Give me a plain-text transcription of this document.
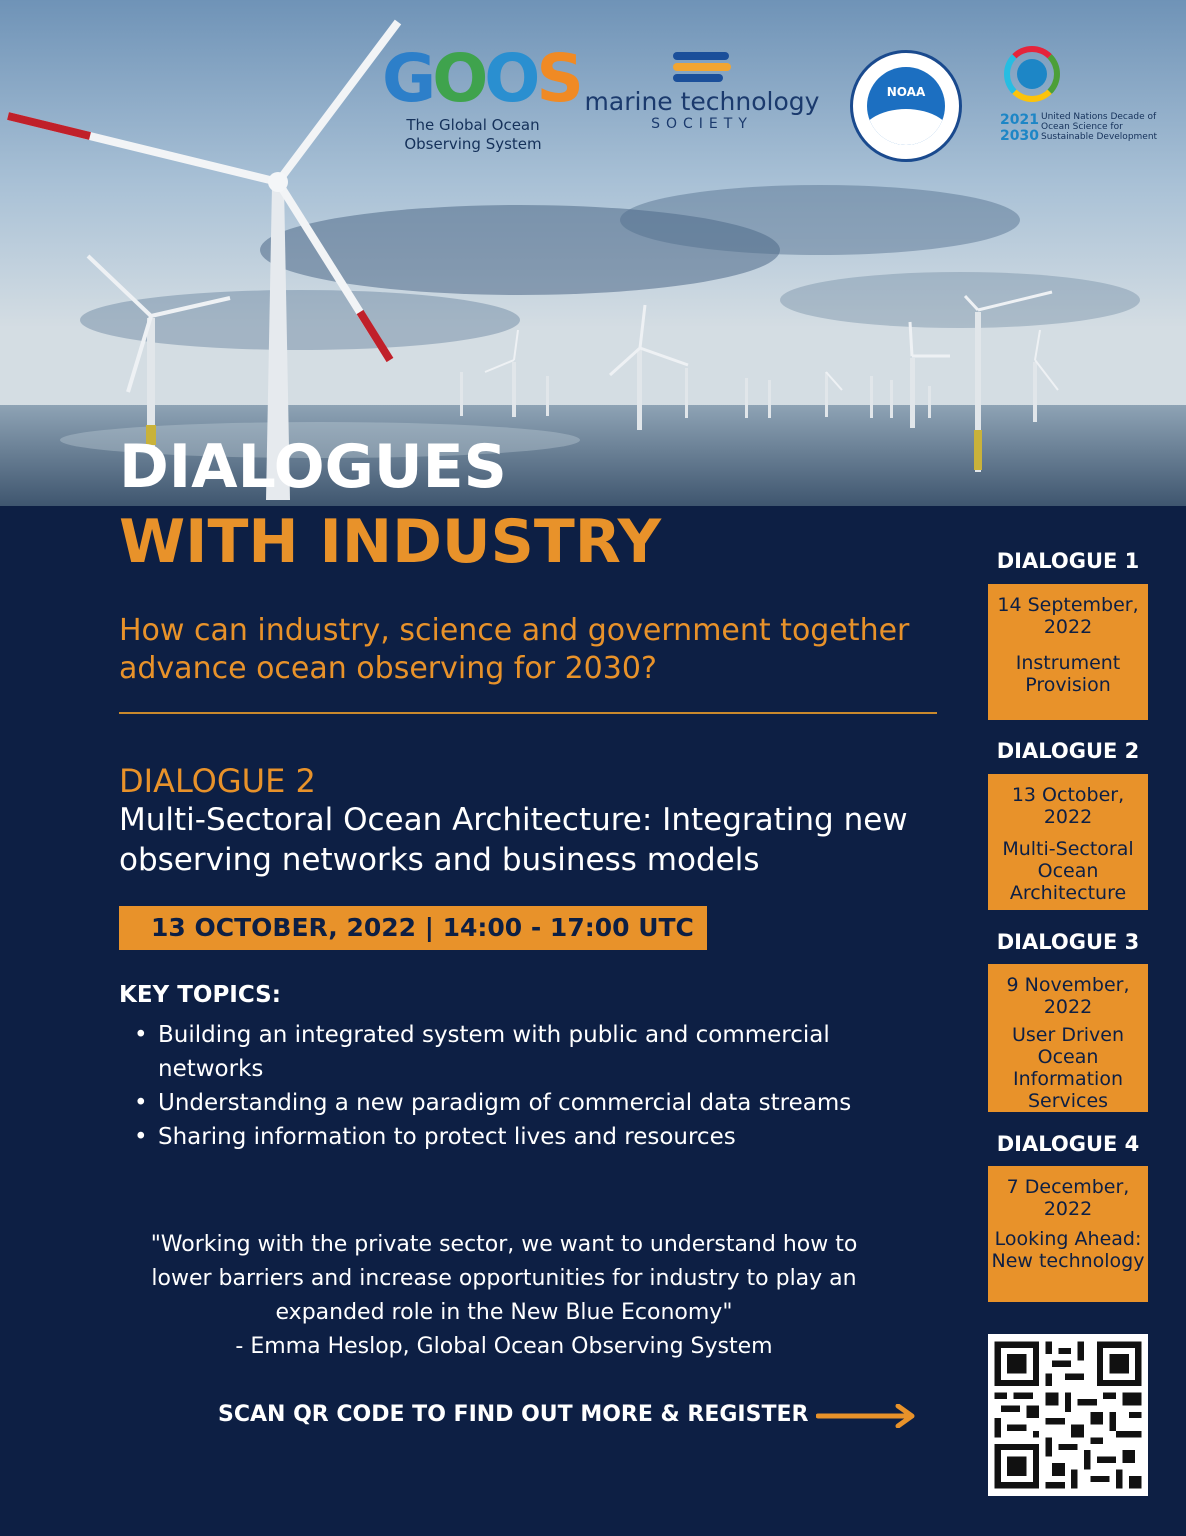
GOOS
The Global Ocean Observing System
marine technology
SOCIETY
NOAA
2021
2030
United Nations Decade of Ocean Science for Sustainable Development
DIALOGUES
WITH INDUSTRY
How can industry, science and government together advance ocean observing for 2030?
DIALOGUE 2
Multi-Sectoral Ocean Architecture: Integrating new observing networks and business models
13 OCTOBER, 2022 | 14:00 - 17:00 UTC
KEY TOPICS:
• Building an integrated system with public and commercial networks
• Understanding a new paradigm of commercial data streams
• Sharing information to protect lives and resources
"Working with the private sector, we want to understand how to lower barriers and increase opportunities for industry to play an expanded role in the New Blue Economy"
- Emma Heslop, Global Ocean Observing System
SCAN QR CODE TO FIND OUT MORE & REGISTER
DIALOGUE 1
14 September, 2022
Instrument Provision
DIALOGUE 2
13 October, 2022
Multi-Sectoral Ocean Architecture
DIALOGUE 3
9 November, 2022
User Driven Ocean Information Services
DIALOGUE 4
7 December, 2022
Looking Ahead: New technology
